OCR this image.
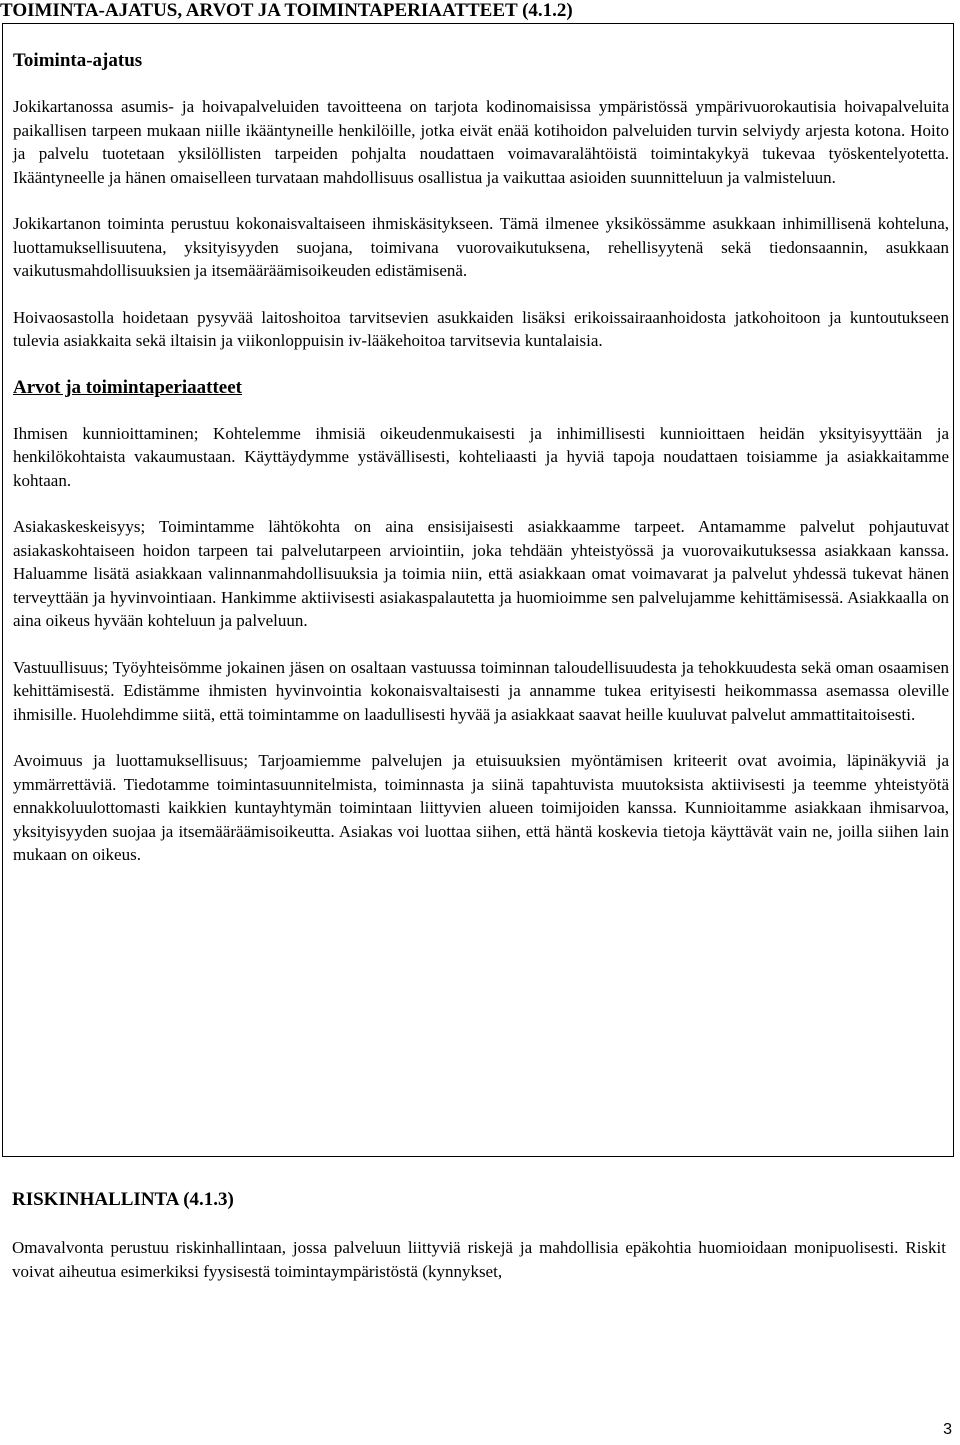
TOIMINTA-AJATUS, ARVOT JA TOIMINTAPERIAATTEET (4.1.2)
Toiminta-ajatus

Jokikartanossa asumis- ja hoivapalveluiden tavoitteena on tarjota kodinomaisissa ympäristössä ympärivuorokautisia hoivapalveluita paikallisen tarpeen mukaan niille ikääntyneille henkilöille, jotka eivät enää kotihoidon palveluiden turvin selviydy arjesta kotona. Hoito ja palvelu tuotetaan yksilöllisten tarpeiden pohjalta noudattaen voimavaralähtöistä toimintakykyä tukevaa työskentelyotetta. Ikääntyneelle ja hänen omaiselleen turvataan mahdollisuus osallistua ja vaikuttaa asioiden suunnitteluun ja valmisteluun.

Jokikartanon toiminta perustuu kokonaisvaltaiseen ihmiskäsitykseen. Tämä ilmenee yksikössämme asukkaan inhimillisenä kohteluna, luottamuksellisuutena, yksityisyyden suojana, toimivana vuorovaikutuksena, rehellisyytenä sekä tiedonsaannin, asukkaan vaikutusmahdollisuuksien ja itsemääräämisoikeuden edistämisenä.

Hoivaosastolla hoidetaan pysyvää laitoshoitoa tarvitsevien asukkaiden lisäksi erikoissairaanhoidosta jatkohoitoon ja kuntoutukseen tulevia asiakkaita sekä iltaisin ja viikonloppuisin iv-lääkehoitoa tarvitsevia kuntalaisia.

Arvot ja toimintaperiaatteet

Ihmisen kunnioittaminen; Kohtelemme ihmisiä oikeudenmukaisesti ja inhimillisesti kunnioittaen heidän yksityisyyttään ja henkilökohtaista vakaumustaan. Käyttäydymme ystävällisesti, kohteliaasti ja hyviä tapoja noudattaen toisiamme ja asiakkaitamme kohtaan.

Asiakaskeskeisyys; Toimintamme lähtökohta on aina ensisijaisesti asiakkaamme tarpeet. Antamamme palvelut pohjautuvat asiakaskohtaiseen hoidon tarpeen tai palvelutarpeen arviointiin, joka tehdään yhteistyössä ja vuorovaikutuksessa asiakkaan kanssa. Haluamme lisätä asiakkaan valinnanmahdollisuuksia ja toimia niin, että asiakkaan omat voimavarat ja palvelut yhdessä tukevat hänen terveyttään ja hyvinvointiaan. Hankimme aktiivisesti asiakaspalautetta ja huomioimme sen palvelujamme kehittämisessä. Asiakkaalla on aina oikeus hyvään kohteluun ja palveluun.

Vastuullisuus; Työyhteisömme jokainen jäsen on osaltaan vastuussa toiminnan taloudellisuudesta ja tehokkuudesta sekä oman osaamisen kehittämisestä. Edistämme ihmisten hyvinvointia kokonaisvaltaisesti ja annamme tukea erityisesti heikommassa asemassa oleville ihmisille. Huolehdimme siitä, että toimintamme on laadullisesti hyvää ja asiakkaat saavat heille kuuluvat palvelut ammattitaitoisesti.

Avoimuus ja luottamuksellisuus; Tarjoamiemme palvelujen ja etuisuuksien myöntämisen kriteerit ovat avoimia, läpinäkyviä ja ymmärrettäviä. Tiedotamme toimintasuunnitelmista, toiminnasta ja siinä tapahtuvista muutoksista aktiivisesti ja teemme yhteistyötä ennakkoluulottomasti kaikkien kuntayhtymän toimintaan liittyvien alueen toimijoiden kanssa. Kunnioitamme asiakkaan ihmisarvoa, yksityisyyden suojaa ja itsemääräämisoikeutta. Asiakas voi luottaa siihen, että häntä koskevia tietoja käyttävät vain ne, joilla siihen lain mukaan on oikeus.

RISKINHALLINTA (4.1.3)

Omavalvonta perustuu riskinhallintaan, jossa palveluun liittyviä riskejä ja mahdollisia epäkohtia huomioidaan monipuolisesti. Riskit voivat aiheutua esimerkiksi fyysisestä toimintaympäristöstä (kynnykset,

3
